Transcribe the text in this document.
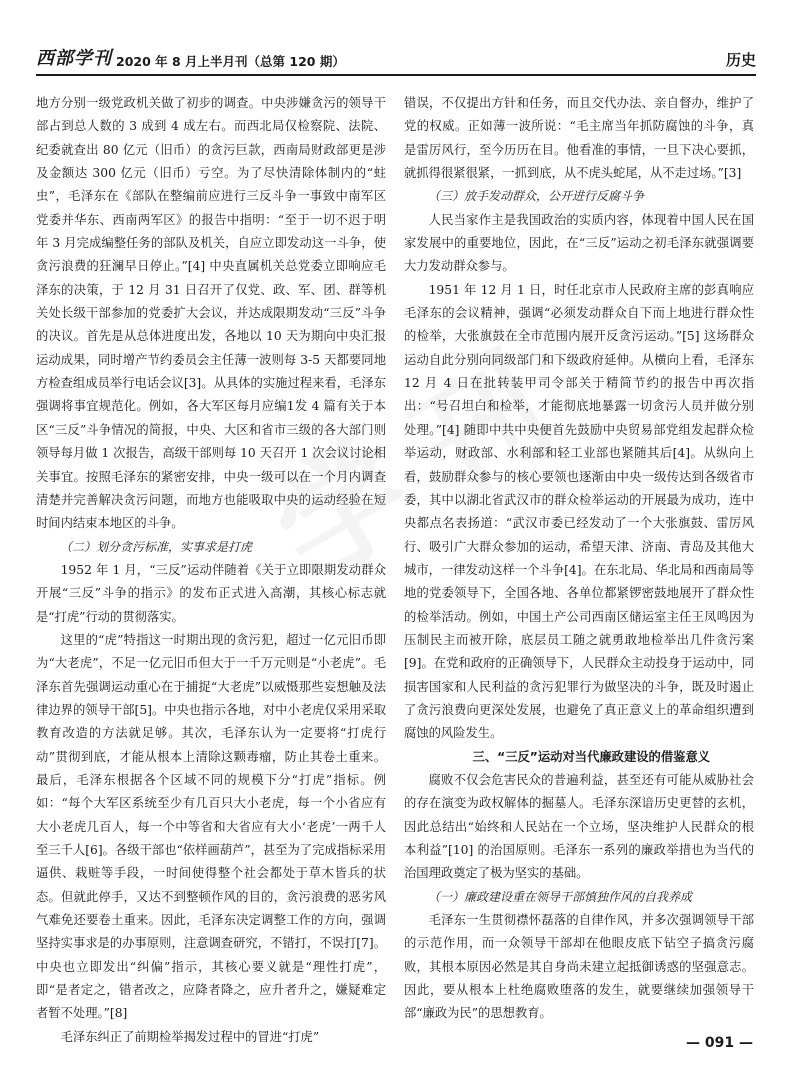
西部学刊 2020 年 8 月上半月刊（总第 120 期）	历史

地方分别一级党政机关做了初步的调查。中央涉嫌贪污的领导干部占到总人数的 3 成到 4 成左右。而西北局仅检察院、法院、纪委就查出 80 亿元（旧币）的贪污巨款，西南局财政部更是涉及金额达 300 亿元（旧币）亏空。为了尽快清除体制内的“蛀虫”，毛泽东在《部队在整编前应进行三反斗争一事致中南军区党委并华东、西南两军区》的报告中指明：“至于一切不迟于明年 3 月完成编整任务的部队及机关，自应立即发动这一斗争，使贪污浪费的狂澜早日停止。”[4] 中央直属机关总党委立即响应毛泽东的决策，于 12 月 31 日召开了仅党、政、军、团、群等机关处长级干部参加的党委扩大会议，并达成限期发动“三反”斗争的决议。首先是从总体进度出发，各地以 10 天为期向中央汇报运动成果，同时增产节约委员会主任薄一波则每 3-5 天都要同地方检查组成员举行电话会议[3]。从具体的实施过程来看，毛泽东强调将事宜规范化。例如，各大军区每月应编1发 4 篇有关于本区“三反”斗争情况的简报，中央、大区和省市三级的各大部门则领导每月做 1 次报告，高级干部则每 10 天召开 1 次会议讨论相关事宜。按照毛泽东的紧密安排，中央一级可以在一个月内调查清楚并完善解决贪污问题，而地方也能吸取中央的运动经验在短时间内结束本地区的斗争。

（二）划分贪污标准，实事求是打虎

1952 年 1 月，“三反”运动伴随着《关于立即限期发动群众开展“三反”斗争的指示》的发布正式进入高潮，其核心标志就是“打虎”行动的贯彻落实。

这里的“虎”特指这一时期出现的贪污犯，超过一亿元旧币即为“大老虎”，不足一亿元旧币但大于一千万元则是“小老虎”。毛泽东首先强调运动重心在于捕捉“大老虎”以威慑那些妄想触及法律边界的领导干部[5]。中央也指示各地，对中小老虎仅采用采取教育改造的方法就足够。其次，毛泽东认为一定要将“打虎行动”贯彻到底，才能从根本上清除这颗毒瘤，防止其卷土重来。最后，毛泽东根据各个区域不同的规模下分“打虎”指标。例如：“每个大军区系统至少有几百只大小老虎，每一个小省应有大小老虎几百人，每一个中等省和大省应有大小‘老虎’一两千人至三千人[6]。各级干部也“依样画葫芦”，甚至为了完成指标采用逼供、栽赃等手段，一时间使得整个社会都处于草木皆兵的状态。但就此停手，又达不到整顿作风的目的，贪污浪费的恶劣风气难免还要卷土重来。因此，毛泽东决定调整工作的方向，强调坚持实事求是的办事原则，注意调查研究，不错打，不误打[7]。中央也立即发出“纠偏”指示，其核心要义就是“理性打虎”，即“是者定之，错者改之，应降者降之，应升者升之，嫌疑难定者暂不处理。”[8]

毛泽东纠正了前期检举揭发过程中的冒进“打虎”

错误，不仅提出方针和任务，而且交代办法、亲自督办，维护了党的权威。正如薄一波所说：“毛主席当年抓防腐蚀的斗争，真是雷厉风行，至今历历在目。他看准的事情，一旦下决心要抓，就抓得很紧很紧，一抓到底，从不虎头蛇尾，从不走过场。”[3]

（三）放手发动群众，公开进行反腐斗争

人民当家作主是我国政治的实质内容，体现着中国人民在国家发展中的重要地位，因此，在“三反”运动之初毛泽东就强调要大力发动群众参与。

1951 年 12 月 1 日，时任北京市人民政府主席的彭真响应毛泽东的会议精神，强调“必须发动群众自下而上地进行群众性的检举，大张旗鼓在全市范围内展开反贪污运动。”[5] 这场群众运动自此分别向同级部门和下级政府延伸。从横向上看，毛泽东 12 月 4 日在批转装甲司令部关于精简节约的报告中再次指出：“号召坦白和检举，才能彻底地暴露一切贪污人员并做分别处理。”[4] 随即中共中央便首先鼓励中央贸易部党组发起群众检举运动，财政部、水利部和轻工业部也紧随其后[4]。从纵向上看，鼓励群众参与的核心要领也逐渐由中央一级传达到各级省市委，其中以湖北省武汉市的群众检举运动的开展最为成功，连中央都点名表扬道：“武汉市委已经发动了一个大张旗鼓、雷厉风行、吸引广大群众参加的运动，希望天津、济南、青岛及其他大城市，一律发动这样一个斗争[4]。在东北局、华北局和西南局等地的党委领导下，全国各地、各单位都紧锣密鼓地展开了群众性的检举活动。例如，中国土产公司西南区储运室主任王凤鸣因为压制民主而被开除，底层员工随之就勇敢地检举出几件贪污案[9]。在党和政府的正确领导下，人民群众主动投身于运动中，同损害国家和人民利益的贪污犯罪行为做坚决的斗争，既及时遏止了贪污浪费向更深处发展，也避免了真正意义上的革命组织遭到腐蚀的风险发生。

三、“三反”运动对当代廉政建设的借鉴意义

腐败不仅会危害民众的普遍利益，甚至还有可能从威胁社会的存在演变为政权解体的掘墓人。毛泽东深谙历史更替的玄机，因此总结出“始终和人民站在一个立场，坚决维护人民群众的根本利益”[10] 的治国原则。毛泽东一系列的廉政举措也为当代的治国理政奠定了极为坚实的基础。

（一）廉政建设重在领导干部慎独作风的自我养成

毛泽东一生贯彻襟怀磊落的自律作风，并多次强调领导干部的示范作用，而一众领导干部却在他眼皮底下钻空子搞贪污腐败，其根本原因必然是其自身尚未建立起抵御诱惑的坚强意志。因此，要从根本上杜绝腐败堕落的发生，就要继续加强领导干部“廉政为民”的思想教育。

— 091 —
